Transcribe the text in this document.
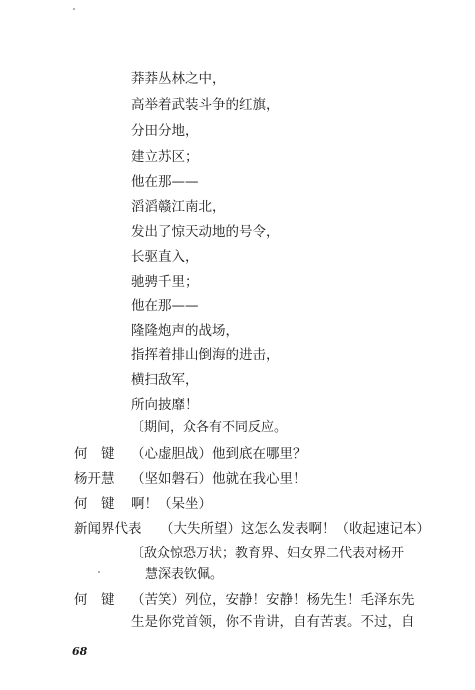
莽莽丛林之中，
高举着武装斗争的红旗，
分田分地，
建立苏区；
他在那——
滔滔赣江南北，
发出了惊天动地的号令，
长驱直入，
驰骋千里；
他在那——
隆隆炮声的战场，
指挥着排山倒海的进击，
横扫敌军，
所向披靡！
〔期间，众各有不同反应。
何　键 （心虚胆战）他到底在哪里？
杨开慧 （坚如磐石）他就在我心里！
何　键 啊！（呆坐）
新闻界代表 （大失所望）这怎么发表啊！（收起速记本）
〔敌众惊恐万状；教育界、妇女界二代表对杨开
慧深表钦佩。
何　键 （苦笑）列位，安静！安静！杨先生！毛泽东先
生是你党首领，你不肯讲，自有苦衷。不过，自
68
